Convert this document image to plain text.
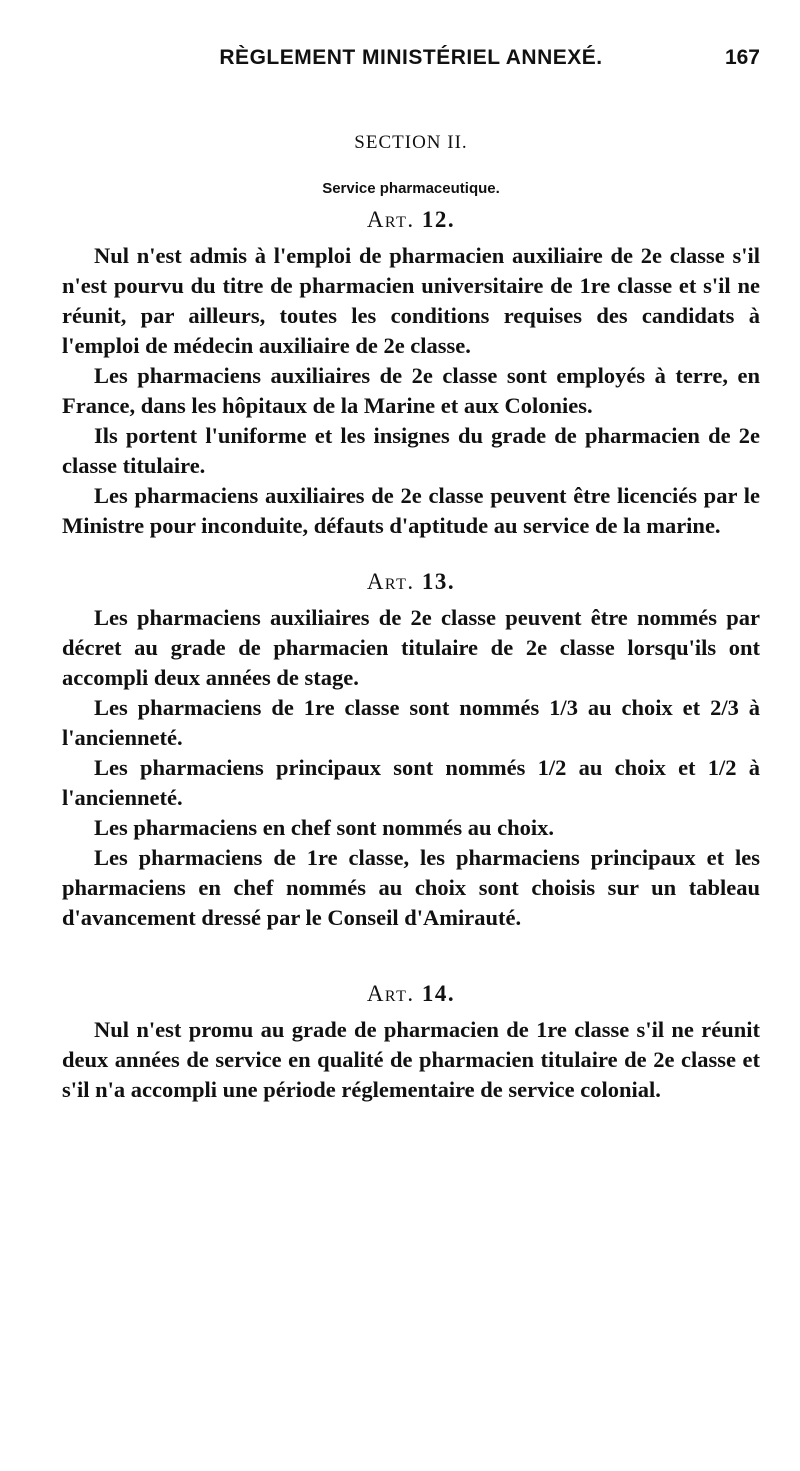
RÈGLEMENT MINISTÉRIEL ANNEXÉ.	167
SECTION II.
Service pharmaceutique.
Art. 12.

Nul n'est admis à l'emploi de pharmacien auxiliaire de 2e classe s'il n'est pourvu du titre de pharmacien universitaire de 1re classe et s'il ne réunit, par ailleurs, toutes les conditions requises des candidats à l'emploi de médecin auxiliaire de 2e classe.

Les pharmaciens auxiliaires de 2e classe sont employés à terre, en France, dans les hôpitaux de la Marine et aux Colonies.

Ils portent l'uniforme et les insignes du grade de pharmacien de 2e classe titulaire.

Les pharmaciens auxiliaires de 2e classe peuvent être licenciés par le Ministre pour inconduite, défauts d'aptitude au service de la marine.

Art. 13.

Les pharmaciens auxiliaires de 2e classe peuvent être nommés par décret au grade de pharmacien titulaire de 2e classe lorsqu'ils ont accompli deux années de stage.

Les pharmaciens de 1re classe sont nommés 1/3 au choix et 2/3 à l'ancienneté.

Les pharmaciens principaux sont nommés 1/2 au choix et 1/2 à l'ancienneté.

Les pharmaciens en chef sont nommés au choix.

Les pharmaciens de 1re classe, les pharmaciens principaux et les pharmaciens en chef nommés au choix sont choisis sur un tableau d'avancement dressé par le Conseil d'Amirauté.

Art. 14.

Nul n'est promu au grade de pharmacien de 1re classe s'il ne réunit deux années de service en qualité de pharmacien titulaire de 2e classe et s'il n'a accompli une période réglementaire de service colonial.
